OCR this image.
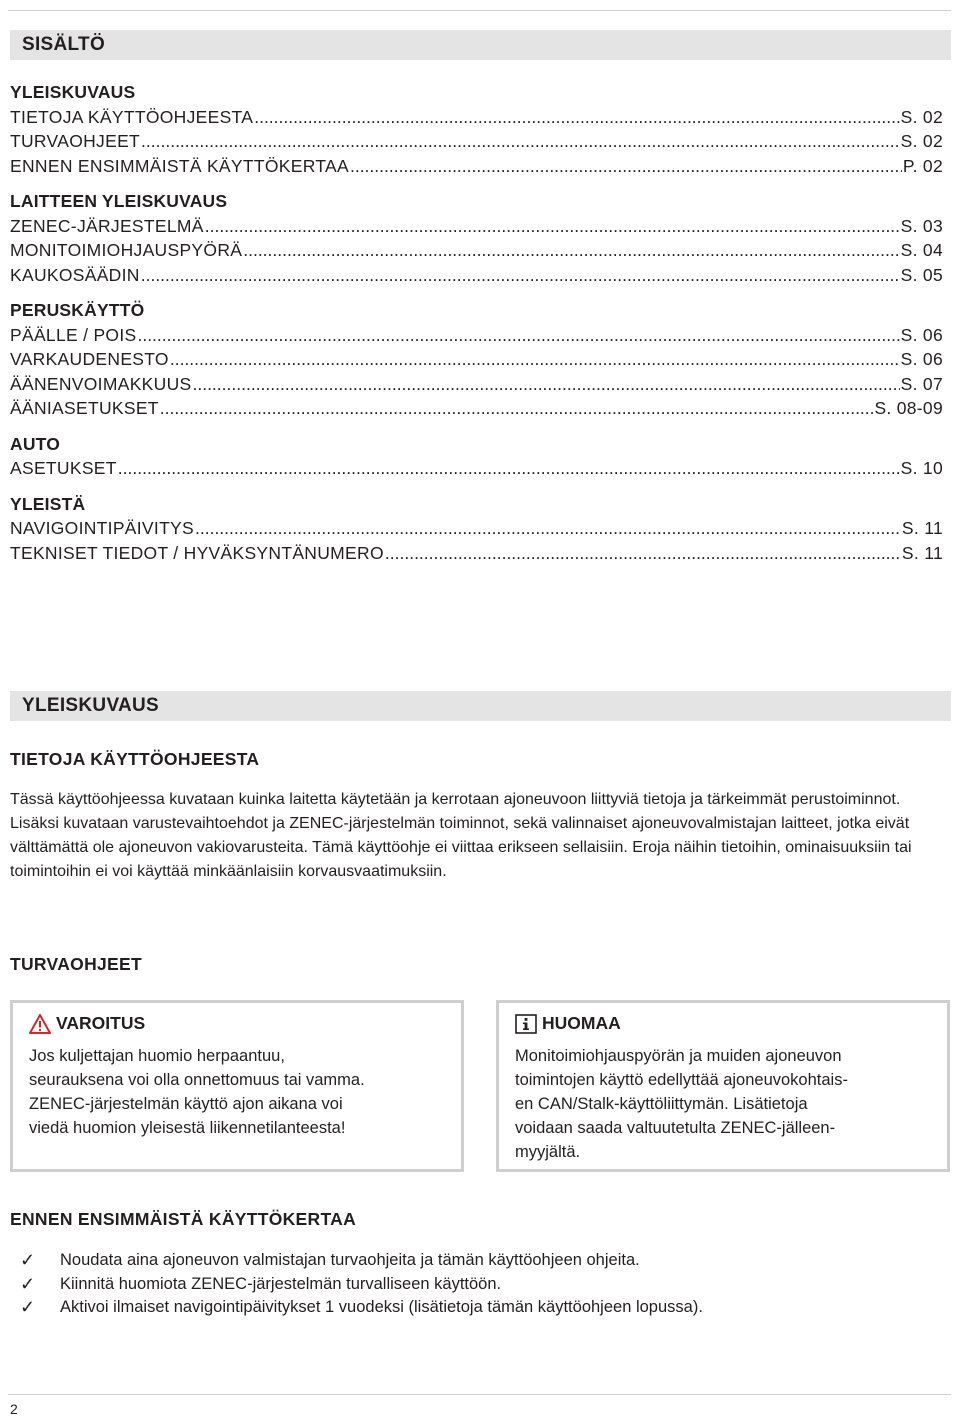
SISÄLTÖ
YLEISKUVAUS
TIETOJA KÄYTTÖOHJEESTA .....	S. 02
TURVAOHJEET .....	S. 02
ENNEN ENSIMMÄISTÄ KÄYTTÖKERTAA .....	P. 02
LAITTEEN YLEISKUVAUS
ZENEC-JÄRJESTELMÄ .....	S. 03
MONITOIMIOHJAUSPYÖRÄ .....	S. 04
KAUKOSÄÄDIN .....	S. 05
PERUSKÄYTTÖ
PÄÄLLE / POIS .....	S. 06
VARKAUDENESTO .....	S. 06
ÄÄNENVOIMAKKUUS .....	S. 07
ÄÄNIASETUKSET .....	S. 08-09
AUTO
ASETUKSET .....	S. 10
YLEISTÄ
NAVIGOINTIPÄIVITYS .....	S. 11
TEKNISET TIEDOT / HYVÄKSYNTÄNUMERO .....	S. 11
YLEISKUVAUS
TIETOJA KÄYTTÖOHJEESTA

Tässä käyttöohjeessa kuvataan kuinka laitetta käytetään ja kerrotaan ajoneuvoon liittyviä tietoja ja tärkeimmät perustoiminnot. Lisäksi kuvataan varustevaihtoehdot ja ZENEC-järjestelmän toiminnot, sekä valinnaiset ajoneuvovalmistajan laitteet, jotka eivät välttämättä ole ajoneuvon vakiovarusteita. Tämä käyttöohje ei viittaa erikseen sellaisiin. Eroja näihin tietoihin, ominaisuuksiin tai toimintoihin ei voi käyttää minkäänlaisiin korvausvaatimuksiin.

TURVAOHJEET
VAROITUS

Jos kuljettajan huomio herpaantuu,
seurauksena voi olla onnettomuus tai vamma.
ZENEC-järjestelmän käyttö ajon aikana voi
viedä huomion yleisestä liikennetilanteesta!

HUOMAA

Monitoimiohjauspyörän ja muiden ajoneuvon
toimintojen käyttö edellyttää ajoneuvokohtais-
en CAN/Stalk-käyttöliittymän. Lisätietoja
voidaan saada valtuutetulta ZENEC-jälleen-
myyjältä.

ENNEN ENSIMMÄISTÄ KÄYTTÖKERTAA
✓	Noudata aina ajoneuvon valmistajan turvaohjeita ja tämän käyttöohjeen ohjeita.
✓	Kiinnitä huomiota ZENEC-järjestelmän turvalliseen käyttöön.
✓	Aktivoi ilmaiset navigointipäivitykset 1 vuodeksi (lisätietoja tämän käyttöohjeen lopussa).
2
